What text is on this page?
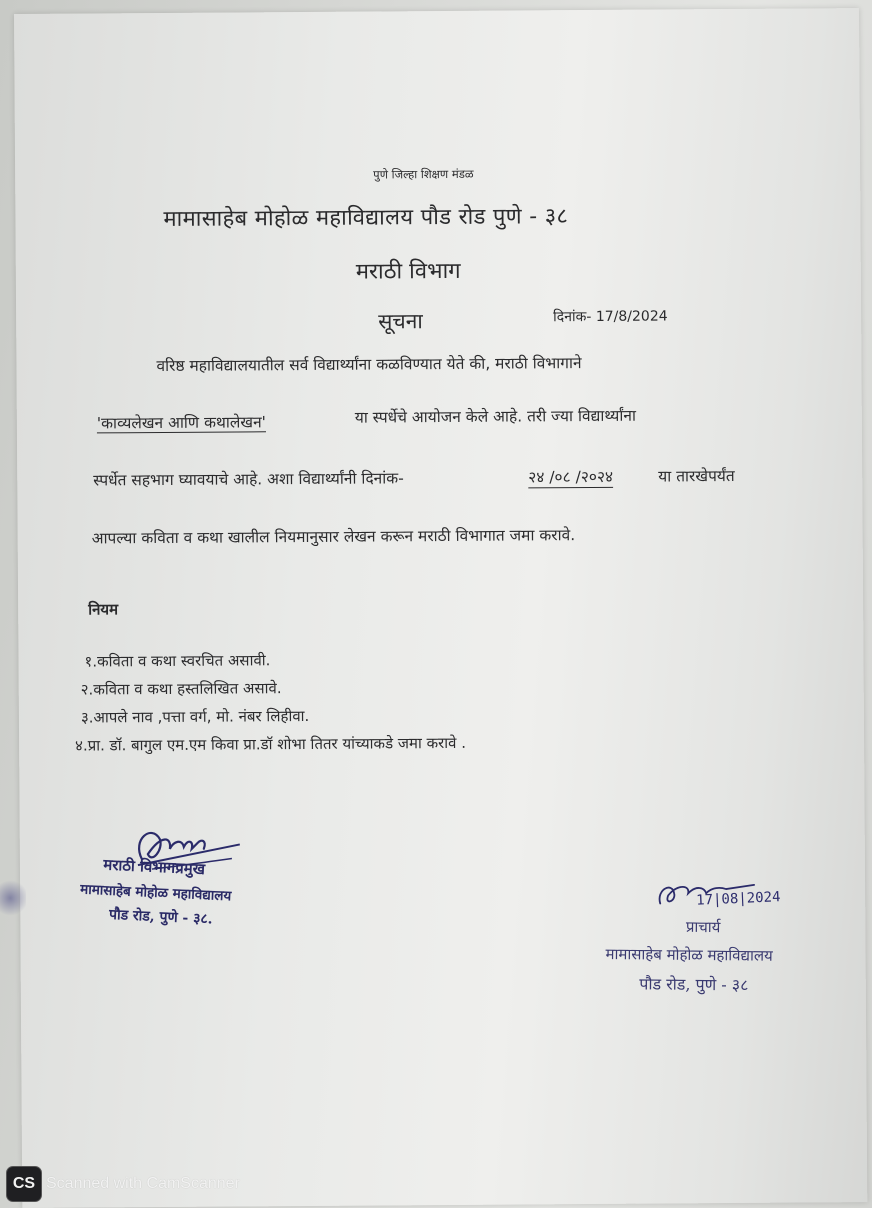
पुणे जिल्हा शिक्षण मंडळ
मामासाहेब मोहोळ महाविद्यालय पौड रोड पुणे - ३८
मराठी विभाग
सूचना	दिनांक- 17/8/2024
वरिष्ठ महाविद्यालयातील सर्व विद्यार्थ्यांना कळविण्यात येते की, मराठी विभागाने
'काव्यलेखन आणि कथालेखन'	या स्पर्धेचे आयोजन केले आहे. तरी ज्या विद्यार्थ्यांना
स्पर्धेत सहभाग घ्यावयाचे आहे. अशा विद्यार्थ्यांनी दिनांक-	२४ /०८ /२०२४	या तारखेपर्यंत
आपल्या कविता व कथा खालील नियमानुसार लेखन करून मराठी विभागात जमा करावे.
नियम
१.कविता व कथा स्वरचित असावी.
२.कविता व कथा हस्तलिखित असावे.
३.आपले नाव ,पत्ता वर्ग, मो. नंबर लिहीवा.
४.प्रा. डॉ. बागुल एम.एम किवा प्रा.डॉ शोभा तितर यांच्याकडे जमा करावे .
मराठी विभागप्रमुख
मामासाहेब मोहोळ महाविद्यालय
पौड रोड, पुणे - ३८.
17|08|2024
प्राचार्य
मामासाहेब मोहोळ महाविद्यालय
पौड रोड, पुणे - ३८
CS Scanned with CamScanner
